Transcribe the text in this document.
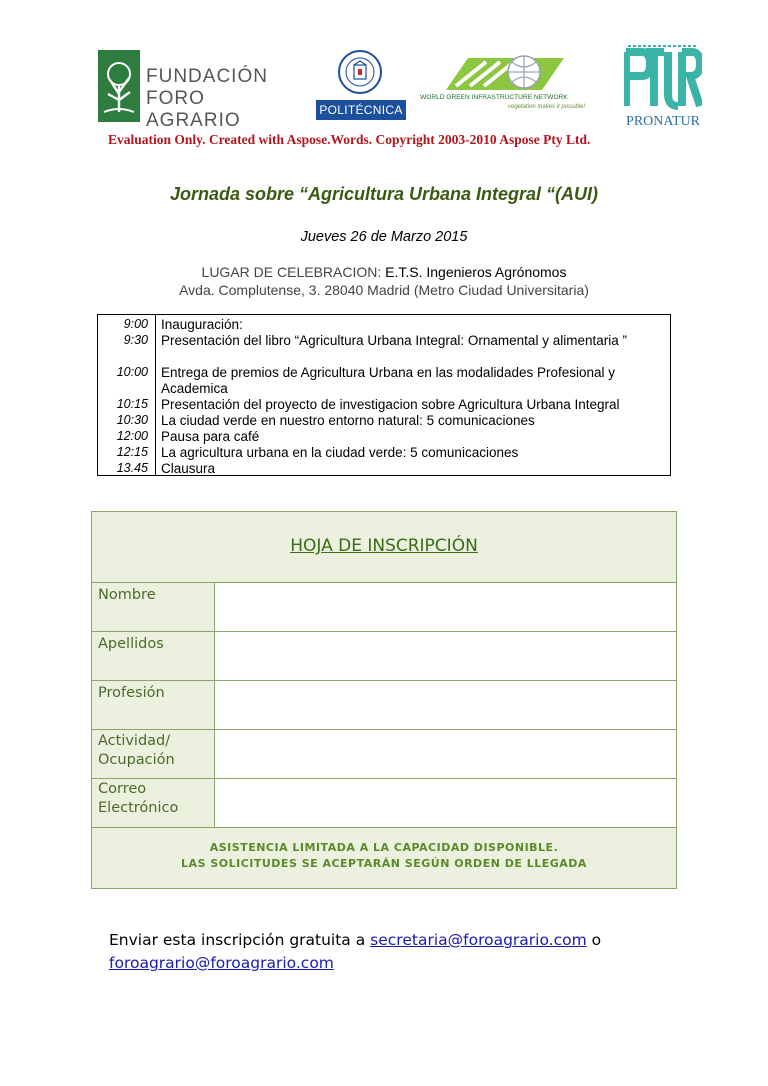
FUNDACIÓN
FORO AGRARIO	POLITÉCNICA
WORLD GREEN INFRASTRUCTURE NETWORK
vegetation makes it possible!
PRONATUR
Evaluation Only. Created with Aspose.Words. Copyright 2003-2010 Aspose Pty Ltd.
Jornada sobre “Agricultura Urbana Integral “(AUI)
Jueves 26 de Marzo 2015
LUGAR DE CELEBRACION: E.T.S. Ingenieros Agrónomos
Avda. Complutense, 3. 28040 Madrid (Metro Ciudad Universitaria)
9:00 Inauguración:
9:30 Presentación del libro “Agricultura Urbana Integral: Ornamental y alimentaria ”
10:00 Entrega de premios de Agricultura Urbana en las modalidades Profesional y Academica
10:15 Presentación del proyecto de investigacion sobre Agricultura Urbana Integral
10:30 La ciudad verde en nuestro entorno natural: 5 comunicaciones
12:00 Pausa para café
12:15 La agricultura urbana en la ciudad verde: 5 comunicaciones
13.45 Clausura
HOJA DE INSCRIPCIÓN
Nombre
Apellidos
Profesión
Actividad/ Ocupación
Correo Electrónico
ASISTENCIA LIMITADA A LA CAPACIDAD DISPONIBLE.
LAS SOLICITUDES SE ACEPTARÁN SEGÚN ORDEN DE LLEGADA
Enviar esta inscripción gratuita a secretaria@foroagrario.com o
foroagrario@foroagrario.com
